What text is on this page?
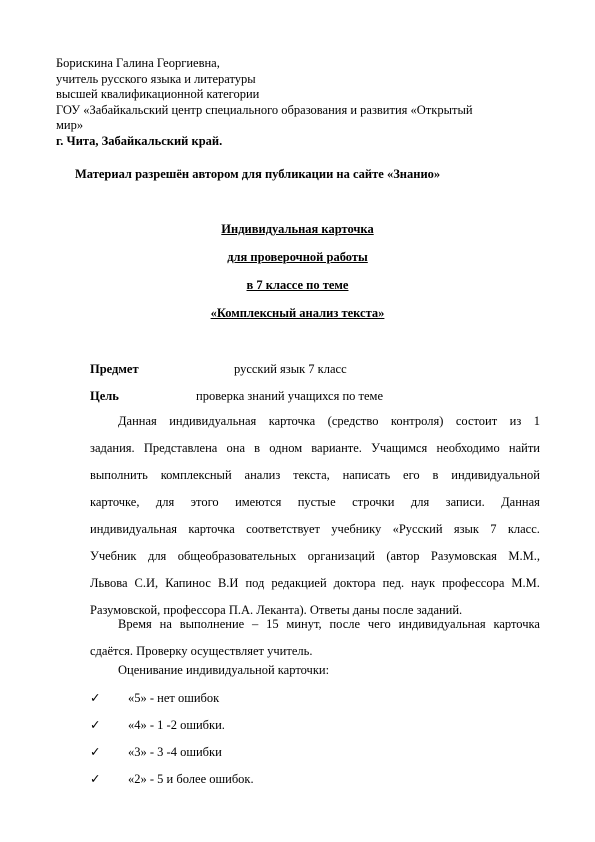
Борискина Галина Георгиевна,
учитель русского языка и литературы
высшей квалификационной категории
ГОУ «Забайкальский центр специального образования и развития «Открытый
мир»
г. Чита, Забайкальский край.
Материал разрешён автором для публикации на сайте «Знанио»
Индивидуальная карточка
для проверочной работы
в 7 классе по теме
«Комплексный анализ текста»
Предмет	русский язык 7 класс
Цель	проверка знаний учащихся по теме
Данная индивидуальная карточка (средство контроля) состоит из 1
задания. Представлена она в одном варианте. Учащимся необходимо найти
выполнить комплексный анализ текста, написать его в индивидуальной
карточке, для этого имеются пустые строчки для записи. Данная
индивидуальная карточка соответствует учебнику «Русский язык 7 класс.
Учебник для общеобразовательных организаций (автор Разумовская М.М.,
Львова С.И, Капинос В.И под редакцией доктора пед. наук профессора М.М.
Разумовской, профессора П.А. Леканта). Ответы даны после заданий.
Время на выполнение – 15 минут, после чего индивидуальная карточка
сдаётся. Проверку осуществляет учитель.
Оценивание индивидуальной карточки:
✓ «5» - нет ошибок
✓ «4» - 1 -2 ошибки.
✓ «3» - 3 -4 ошибки
✓ «2» - 5 и более ошибок.
